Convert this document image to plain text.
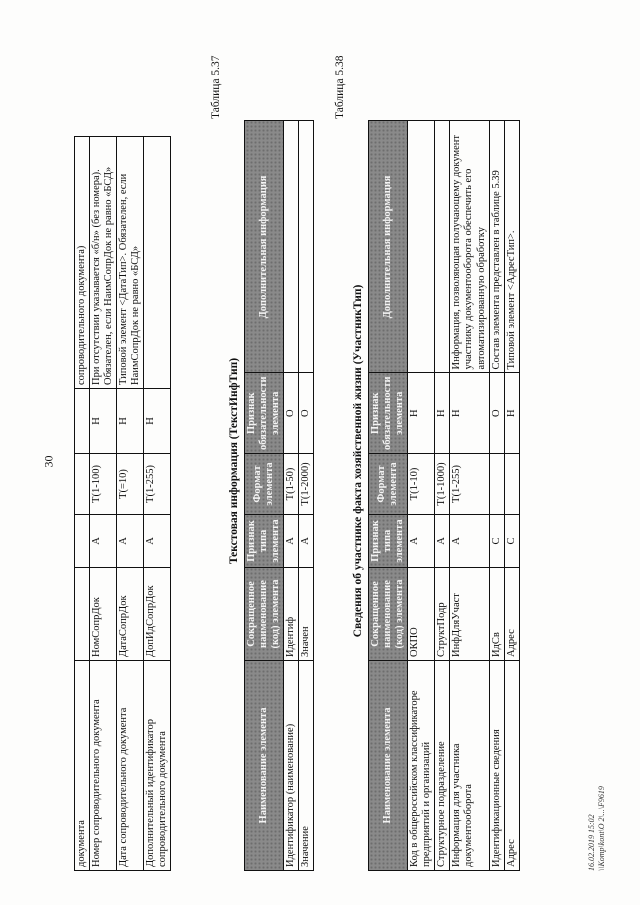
30
документа					сопроводительного документа)
Номер сопроводительного документа	НомСопрДок	А	Т(1-100)	Н	При отсутствии указывается «б/н» (без номера). Обязателен, если НаимСопрДок не равно «БСД»
Дата сопроводительного документа	ДатаСопрДок	А	Т(=10)	Н	Типовой элемент <ДатаТип>. Обязателен, если НаимСопрДок не равно «БСД»
Дополнительный идентификатор сопроводительного документа	ДопИдСопрДок	А	Т(1-255)	Н	
Таблица 5.37
Текстовая информация (ТекстИнфТип)
Наименование элемента	Сокращенное наименование (код) элемента	Признак типа элемента	Формат элемента	Признак обязательности элемента	Дополнительная информация
Идентификатор (наименование)	Идентиф	А	Т(1-50)	О	
Значение	Значен	А	Т(1-2000)	О	
Таблица 5.38
Сведения об участнике факта хозяйственной жизни (УчастникТип)
Наименование элемента	Сокращенное наименование (код) элемента	Признак типа элемента	Формат элемента	Признак обязательности элемента	Дополнительная информация
Код в общероссийском классификаторе предприятий и организаций	ОКПО	А	Т(1-10)	Н	
Структурное подразделение	СтруктПодр	А	Т(1-1000)	Н	
Информация для участника документооборота	ИнфДляУчаст	А	Т(1-255)	Н	Информация, позволяющая получающему документ участнику документооборота обеспечить его автоматизированную обработку
Идентификационные сведения	ИдСв	С		О	Состав элемента представлен в таблице 5.39
Адрес	Адрес	С		Н	Типовой элемент <АдресТип>.
16.02.2019 15:02 \\Komp\kont\O 2\...\F9619
